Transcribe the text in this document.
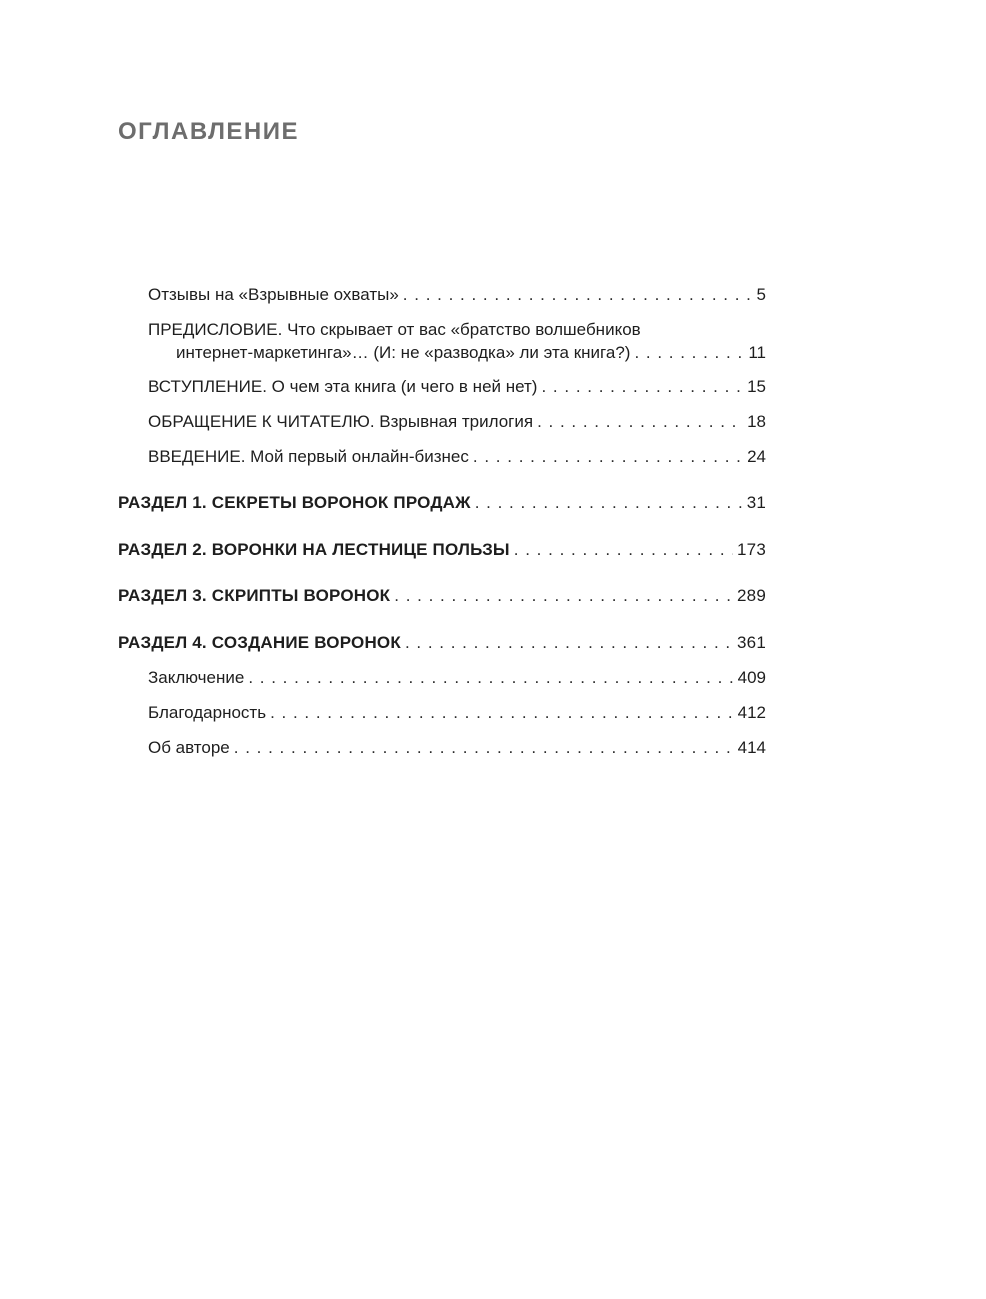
ОГЛАВЛЕНИЕ
Отзывы на «Взрывные охваты» . . .	5
ПРЕДИСЛОВИЕ. Что скрывает от вас «братство волшебников
интернет-маркетинга»… (И: не «разводка» ли эта книга?) . . .	11
ВСТУПЛЕНИЕ. О чем эта книга (и чего в ней нет) . . .	15
ОБРАЩЕНИЕ К ЧИТАТЕЛЮ. Взрывная трилогия . . .	18
ВВЕДЕНИЕ. Мой первый онлайн-бизнес . . .	24
РАЗДЕЛ 1. СЕКРЕТЫ ВОРОНОК ПРОДАЖ . . .	31
РАЗДЕЛ 2. ВОРОНКИ НА ЛЕСТНИЦЕ ПОЛЬЗЫ . . .	173
РАЗДЕЛ 3. СКРИПТЫ ВОРОНОК . . .	289
РАЗДЕЛ 4. СОЗДАНИЕ ВОРОНОК . . .	361
Заключение . . .	409
Благодарность . . .	412
Об авторе . . .	414
